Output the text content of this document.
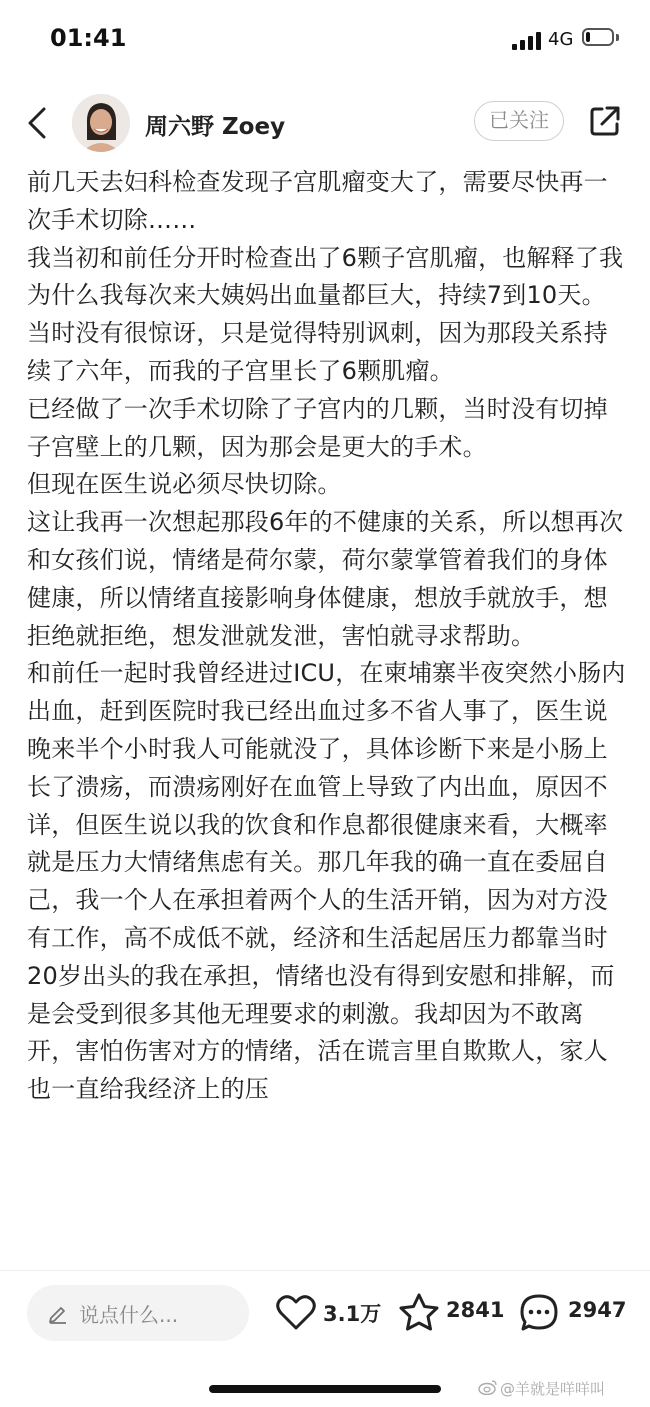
01:41	4G
周六野 Zoey	已关注

前几天去妇科检查发现子宫肌瘤变大了，需要尽快再一次手术切除……

我当初和前任分开时检查出了6颗子宫肌瘤，也解释了我为什么我每次来大姨妈出血量都巨大，持续7到10天。

当时没有很惊讶，只是觉得特别讽刺，因为那段关系持续了六年，而我的子宫里长了6颗肌瘤。

已经做了一次手术切除了子宫内的几颗，当时没有切掉子宫壁上的几颗，因为那会是更大的手术。

但现在医生说必须尽快切除。

这让我再一次想起那段6年的不健康的关系，所以想再次和女孩们说，情绪是荷尔蒙，荷尔蒙掌管着我们的身体健康，所以情绪直接影响身体健康，想放手就放手，想拒绝就拒绝，想发泄就发泄，害怕就寻求帮助。

和前任一起时我曾经进过ICU，在柬埔寨半夜突然小肠内出血，赶到医院时我已经出血过多不省人事了，医生说晚来半个小时我人可能就没了，具体诊断下来是小肠上长了溃疡，而溃疡刚好在血管上导致了内出血，原因不详，但医生说以我的饮食和作息都很健康来看，大概率就是压力大情绪焦虑有关。那几年我的确一直在委屈自己，我一个人在承担着两个人的生活开销，因为对方没有工作，高不成低不就，经济和生活起居压力都靠当时20岁出头的我在承担，情绪也没有得到安慰和排解，而是会受到很多其他无理要求的刺激。我却因为不敢离开，害怕伤害对方的情绪，活在谎言里自欺欺人，家人也一直给我经济上的压

说点什么...	3.1万	2841	2947
@羊就是咩咩叫
